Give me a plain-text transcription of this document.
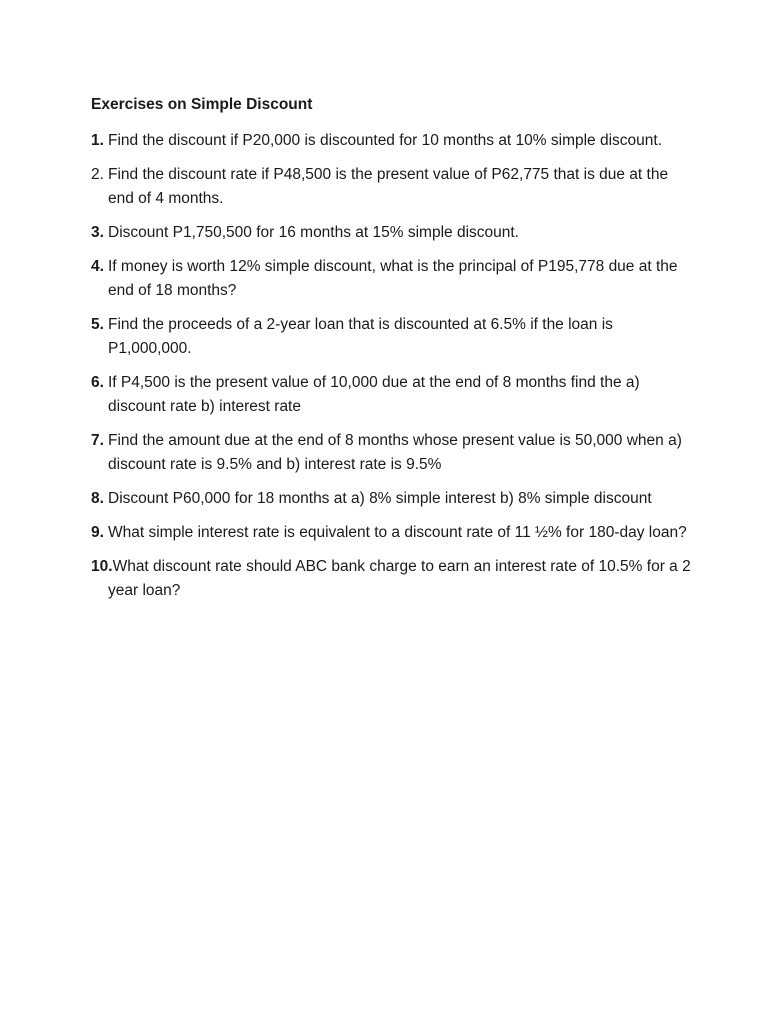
Exercises on Simple Discount
1. Find the discount if P20,000 is discounted for 10 months at 10% simple discount.
2. Find the discount rate if P48,500 is the present value of P62,775 that is due at the end of 4 months.
3. Discount P1,750,500 for 16 months at 15% simple discount.
4. If money is worth 12% simple discount, what is the principal of P195,778 due at the end of 18 months?
5. Find the proceeds of a 2-year loan that is discounted at 6.5% if the loan is P1,000,000.
6. If P4,500 is the present value of 10,000 due at the end of 8 months find the a) discount rate b) interest rate
7. Find the amount due at the end of 8 months whose present value is 50,000 when a) discount rate is 9.5% and b) interest rate is 9.5%
8. Discount P60,000 for 18 months at a) 8% simple interest b) 8% simple discount
9. What simple interest rate is equivalent to a discount rate of 11 ½% for 180-day loan?
10. What discount rate should ABC bank charge to earn an interest rate of 10.5% for a 2 year loan?
